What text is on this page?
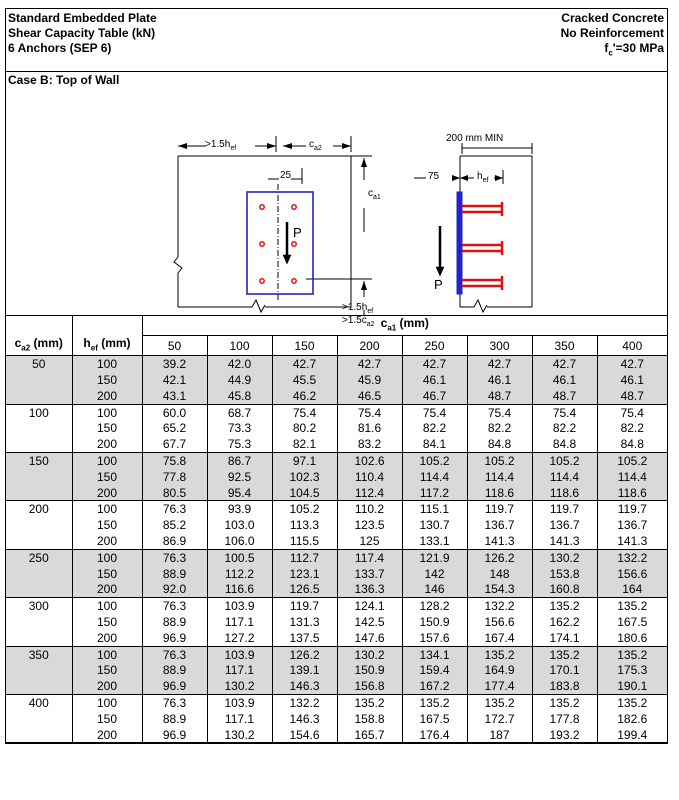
Standard Embedded Plate
Shear Capacity Table (kN)
6 Anchors (SEP 6)
Cracked Concrete
No Reinforcement
$f_c'=30$ MPa
Case B: Top of Wall
$>1.5h_{ef}$	$c_{a2}$
25
$c_{a1}$
P
$>1.5h_{ef}$
$>1.5c_{a2}$
200 mm MIN
75	$h_{ef}$
P
		$c_{a1}$ (mm)							
$c_{a2}$ (mm)	$h_{ef}$ (mm)	50	100	150	200	250	300	350	400
50	100	39.2	42.0	42.7	42.7	42.7	42.7	42.7	42.7
	150	42.1	44.9	45.5	45.9	46.1	46.1	46.1	46.1
	200	43.1	45.8	46.2	46.5	46.7	48.7	48.7	48.7
100	100	60.0	68.7	75.4	75.4	75.4	75.4	75.4	75.4
	150	65.2	73.3	80.2	81.6	82.2	82.2	82.2	82.2
	200	67.7	75.3	82.1	83.2	84.1	84.8	84.8	84.8
150	100	75.8	86.7	97.1	102.6	105.2	105.2	105.2	105.2
	150	77.8	92.5	102.3	110.4	114.4	114.4	114.4	114.4
	200	80.5	95.4	104.5	112.4	117.2	118.6	118.6	118.6
200	100	76.3	93.9	105.2	110.2	115.1	119.7	119.7	119.7
	150	85.2	103.0	113.3	123.5	130.7	136.7	136.7	136.7
	200	86.9	106.0	115.5	125	133.1	141.3	141.3	141.3
250	100	76.3	100.5	112.7	117.4	121.9	126.2	130.2	132.2
	150	88.9	112.2	123.1	133.7	142	148	153.8	156.6
	200	92.0	116.6	126.5	136.3	146	154.3	160.8	164
300	100	76.3	103.9	119.7	124.1	128.2	132.2	135.2	135.2
	150	88.9	117.1	131.3	142.5	150.9	156.6	162.2	167.5
	200	96.9	127.2	137.5	147.6	157.6	167.4	174.1	180.6
350	100	76.3	103.9	126.2	130.2	134.1	135.2	135.2	135.2
	150	88.9	117.1	139.1	150.9	159.4	164.9	170.1	175.3
	200	96.9	130.2	146.3	156.8	167.2	177.4	183.8	190.1
400	100	76.3	103.9	132.2	135.2	135.2	135.2	135.2	135.2
	150	88.9	117.1	146.3	158.8	167.5	172.7	177.8	182.6
	200	96.9	130.2	154.6	165.7	176.4	187	193.2	199.4
